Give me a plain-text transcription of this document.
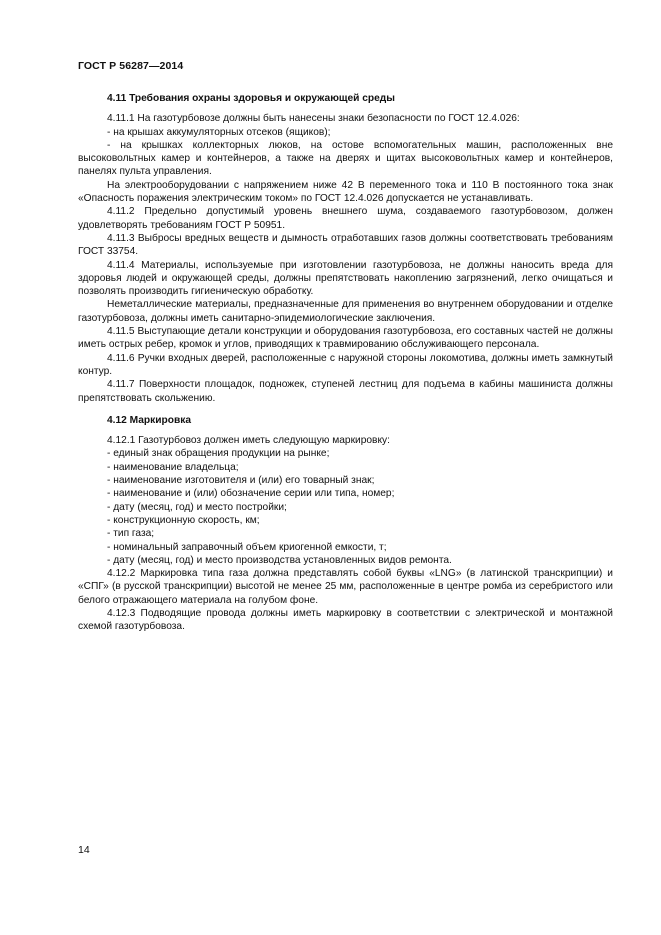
ГОСТ Р 56287—2014
4.11 Требования охраны здоровья и окружающей среды

4.11.1 На газотурбовозе должны быть нанесены знаки безопасности по ГОСТ 12.4.026:

- на крышах аккумуляторных отсеков (ящиков);

- на крышках коллекторных люков, на остове вспомогательных машин, расположенных вне высоковольтных камер и контейнеров, а также на дверях и щитах высоковольтных камер и контейнеров, панелях пульта управления.

На электрооборудовании с напряжением ниже 42 В переменного тока и 110 В постоянного тока знак «Опасность поражения электрическим током» по ГОСТ 12.4.026 допускается не устанавливать.

4.11.2 Предельно допустимый уровень внешнего шума, создаваемого газотурбовозом, должен удовлетворять требованиям ГОСТ Р 50951.

4.11.3 Выбросы вредных веществ и дымность отработавших газов должны соответствовать требованиям ГОСТ 33754.

4.11.4 Материалы, используемые при изготовлении газотурбовоза, не должны наносить вреда для здоровья людей и окружающей среды, должны препятствовать накоплению загрязнений, легко очищаться и позволять производить гигиеническую обработку.

Неметаллические материалы, предназначенные для применения во внутреннем оборудовании и отделке газотурбовоза, должны иметь санитарно-эпидемиологические заключения.

4.11.5 Выступающие детали конструкции и оборудования газотурбовоза, его составных частей не должны иметь острых ребер, кромок и углов, приводящих к травмированию обслуживающего персонала.

4.11.6 Ручки входных дверей, расположенные с наружной стороны локомотива, должны иметь замкнутый контур.

4.11.7 Поверхности площадок, подножек, ступеней лестниц для подъема в кабины машиниста должны препятствовать скольжению.

4.12 Маркировка

4.12.1 Газотурбовоз должен иметь следующую маркировку:

- единый знак обращения продукции на рынке;

- наименование владельца;

- наименование изготовителя и (или) его товарный знак;

- наименование и (или) обозначение серии или типа, номер;

- дату (месяц, год) и место постройки;

- конструкционную скорость, км;

- тип газа;

- номинальный заправочный объем криогенной емкости, т;

- дату (месяц, год) и место производства установленных видов ремонта.

4.12.2 Маркировка типа газа должна представлять собой буквы «LNG» (в латинской транскрипции) и «СПГ» (в русской транскрипции) высотой не менее 25 мм, расположенные в центре ромба из серебристого или белого отражающего материала на голубом фоне.

4.12.3 Подводящие провода должны иметь маркировку в соответствии с электрической и монтажной схемой газотурбовоза.

14
